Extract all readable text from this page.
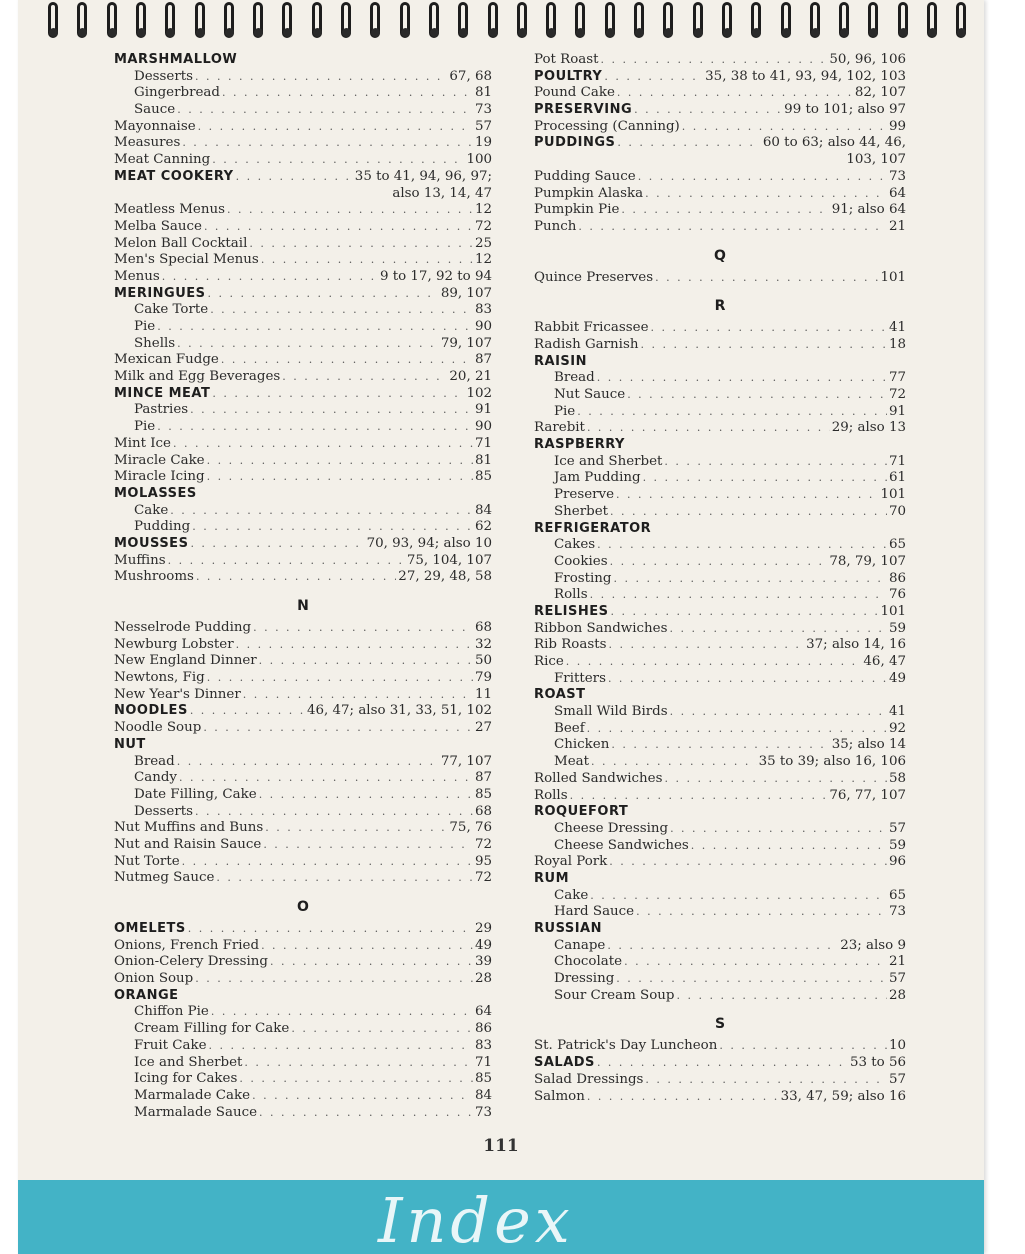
MARSHMALLOW
Desserts . . .	67, 68
Gingerbread . . .	81
Sauce . . .	73
Mayonnaise . . .	57
Measures . . .	19
Meat Canning . . .	100
MEAT COOKERY . . .	35 to 41, 94, 96, 97;
also 13, 14, 47
Meatless Menus . . .	12
Melba Sauce . . .	72
Melon Ball Cocktail . . .	25
Men's Special Menus . . .	12
Menus . . .	9 to 17, 92 to 94
MERINGUES . . .	89, 107
Cake Torte . . .	83
Pie . . .	90
Shells . . .	79, 107
Mexican Fudge . . .	87
Milk and Egg Beverages . . .	20, 21
MINCE MEAT . . .	102
Pastries . . .	91
Pie . . .	90
Mint Ice . . .	71
Miracle Cake . . .	81
Miracle Icing . . .	85
MOLASSES
Cake . . .	84
Pudding . . .	62
MOUSSES . . .	70, 93, 94; also 10
Muffins . . .	75, 104, 107
Mushrooms . . .	27, 29, 48, 58
N
Nesselrode Pudding . . .	68
Newburg Lobster . . .	32
New England Dinner . . .	50
Newtons, Fig . . .	79
New Year's Dinner . . .	11
NOODLES . . .	46, 47; also 31, 33, 51, 102
Noodle Soup . . .	27
NUT
Bread . . .	77, 107
Candy . . .	87
Date Filling, Cake . . .	85
Desserts . . .	68
Nut Muffins and Buns . . .	75, 76
Nut and Raisin Sauce . . .	72
Nut Torte . . .	95
Nutmeg Sauce . . .	72
O
OMELETS . . .	29
Onions, French Fried . . .	49
Onion-Celery Dressing . . .	39
Onion Soup . . .	28
ORANGE
Chiffon Pie . . .	64
Cream Filling for Cake . . .	86
Fruit Cake . . .	83
Ice and Sherbet . . .	71
Icing for Cakes . . .	85
Marmalade Cake . . .	84
Marmalade Sauce . . .	73
Pot Roast . . .	50, 96, 106
POULTRY . . .	35, 38 to 41, 93, 94, 102, 103
Pound Cake . . .	82, 107
PRESERVING . . .	99 to 101; also 97
Processing (Canning) . . .	99
PUDDINGS . . .	60 to 63; also 44, 46,
103, 107
Pudding Sauce . . .	73
Pumpkin Alaska . . .	64
Pumpkin Pie . . .	91; also 64
Punch . . .	21
Q
Quince Preserves . . .	101
R
Rabbit Fricassee . . .	41
Radish Garnish . . .	18
RAISIN
Bread . . .	77
Nut Sauce . . .	72
Pie . . .	91
Rarebit . . .	29; also 13
RASPBERRY
Ice and Sherbet . . .	71
Jam Pudding . . .	61
Preserve . . .	101
Sherbet . . .	70
REFRIGERATOR
Cakes . . .	65
Cookies . . .	78, 79, 107
Frosting . . .	86
Rolls . . .	76
RELISHES . . .	101
Ribbon Sandwiches . . .	59
Rib Roasts . . .	37; also 14, 16
Rice . . .	46, 47
Fritters . . .	49
ROAST
Small Wild Birds . . .	41
Beef . . .	92
Chicken . . .	35; also 14
Meat . . .	35 to 39; also 16, 106
Rolled Sandwiches . . .	58
Rolls . . .	76, 77, 107
ROQUEFORT
Cheese Dressing . . .	57
Cheese Sandwiches . . .	59
Royal Pork . . .	96
RUM
Cake . . .	65
Hard Sauce . . .	73
RUSSIAN
Canape . . .	23; also 9
Chocolate . . .	21
Dressing . . .	57
Sour Cream Soup . . .	28
S
St. Patrick's Day Luncheon . . .	10
SALADS . . .	53 to 56
Salad Dressings . . .	57
Salmon . . .	33, 47, 59; also 16
111
Index
